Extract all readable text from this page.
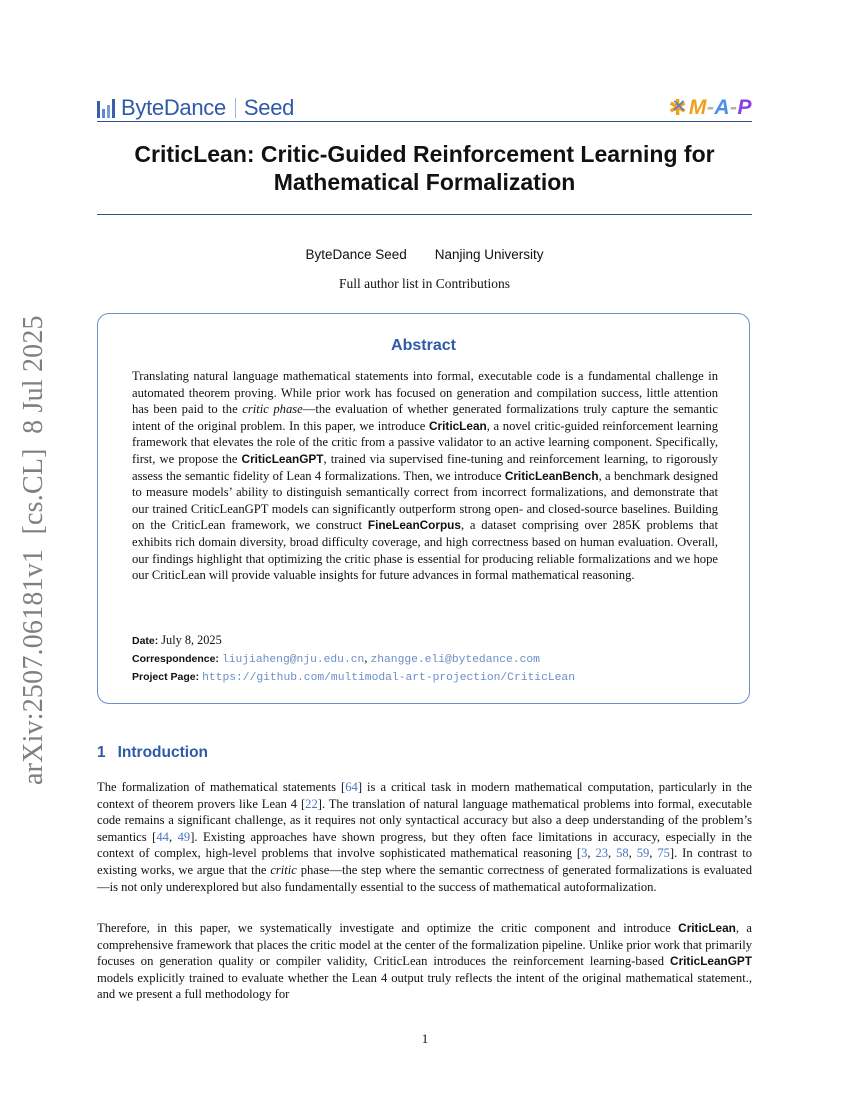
arXiv:2507.06181v1  [cs.CL]  8 Jul 2025
ByteDance Seed	✱ ✕ M-A-P
CriticLean: Critic-Guided Reinforcement Learning for
Mathematical Formalization
ByteDance Seed Nanjing University
Full author list in Contributions
Abstract
Translating natural language mathematical statements into formal, executable code is a fundamental challenge in automated theorem proving. While prior work has focused on generation and compilation success, little attention has been paid to the critic phase—the evaluation of whether generated formalizations truly capture the semantic intent of the original problem. In this paper, we introduce CriticLean, a novel critic-guided reinforcement learning framework that elevates the role of the critic from a passive validator to an active learning component. Specifically, first, we propose the CriticLeanGPT, trained via supervised fine-tuning and reinforcement learning, to rigorously assess the semantic fidelity of Lean 4 formalizations. Then, we introduce CriticLeanBench, a benchmark designed to measure models’ ability to distinguish semantically correct from incorrect formalizations, and demonstrate that our trained CriticLeanGPT models can significantly outperform strong open- and closed-source baselines. Building on the CriticLean framework, we construct FineLeanCorpus, a dataset comprising over 285K problems that exhibits rich domain diversity, broad difficulty coverage, and high correctness based on human evaluation. Overall, our findings highlight that optimizing the critic phase is essential for producing reliable formalizations and we hope our CriticLean will provide valuable insights for future advances in formal mathematical reasoning.
Date: July 8, 2025
Correspondence: liujiaheng@nju.edu.cn, zhangge.eli@bytedance.com
Project Page: https://github.com/multimodal-art-projection/CriticLean
1 Introduction
The formalization of mathematical statements [64] is a critical task in modern mathematical computation, particularly in the context of theorem provers like Lean 4 [22]. The translation of natural language mathematical problems into formal, executable code remains a significant challenge, as it requires not only syntactical accuracy but also a deep understanding of the problem’s semantics [44, 49]. Existing approaches have shown progress, but they often face limitations in accuracy, especially in the context of complex, high-level problems that involve sophisticated mathematical reasoning [3, 23, 58, 59, 75]. In contrast to existing works, we argue that the critic phase—the step where the semantic correctness of generated formalizations is evaluated—is not only underexplored but also fundamentally essential to the success of mathematical autoformalization.
Therefore, in this paper, we systematically investigate and optimize the critic component and introduce CriticLean, a comprehensive framework that places the critic model at the center of the formalization pipeline. Unlike prior work that primarily focuses on generation quality or compiler validity, CriticLean introduces the reinforcement learning-based CriticLeanGPT models explicitly trained to evaluate whether the Lean 4 output truly reflects the intent of the original mathematical statement., and we present a full methodology for
1
